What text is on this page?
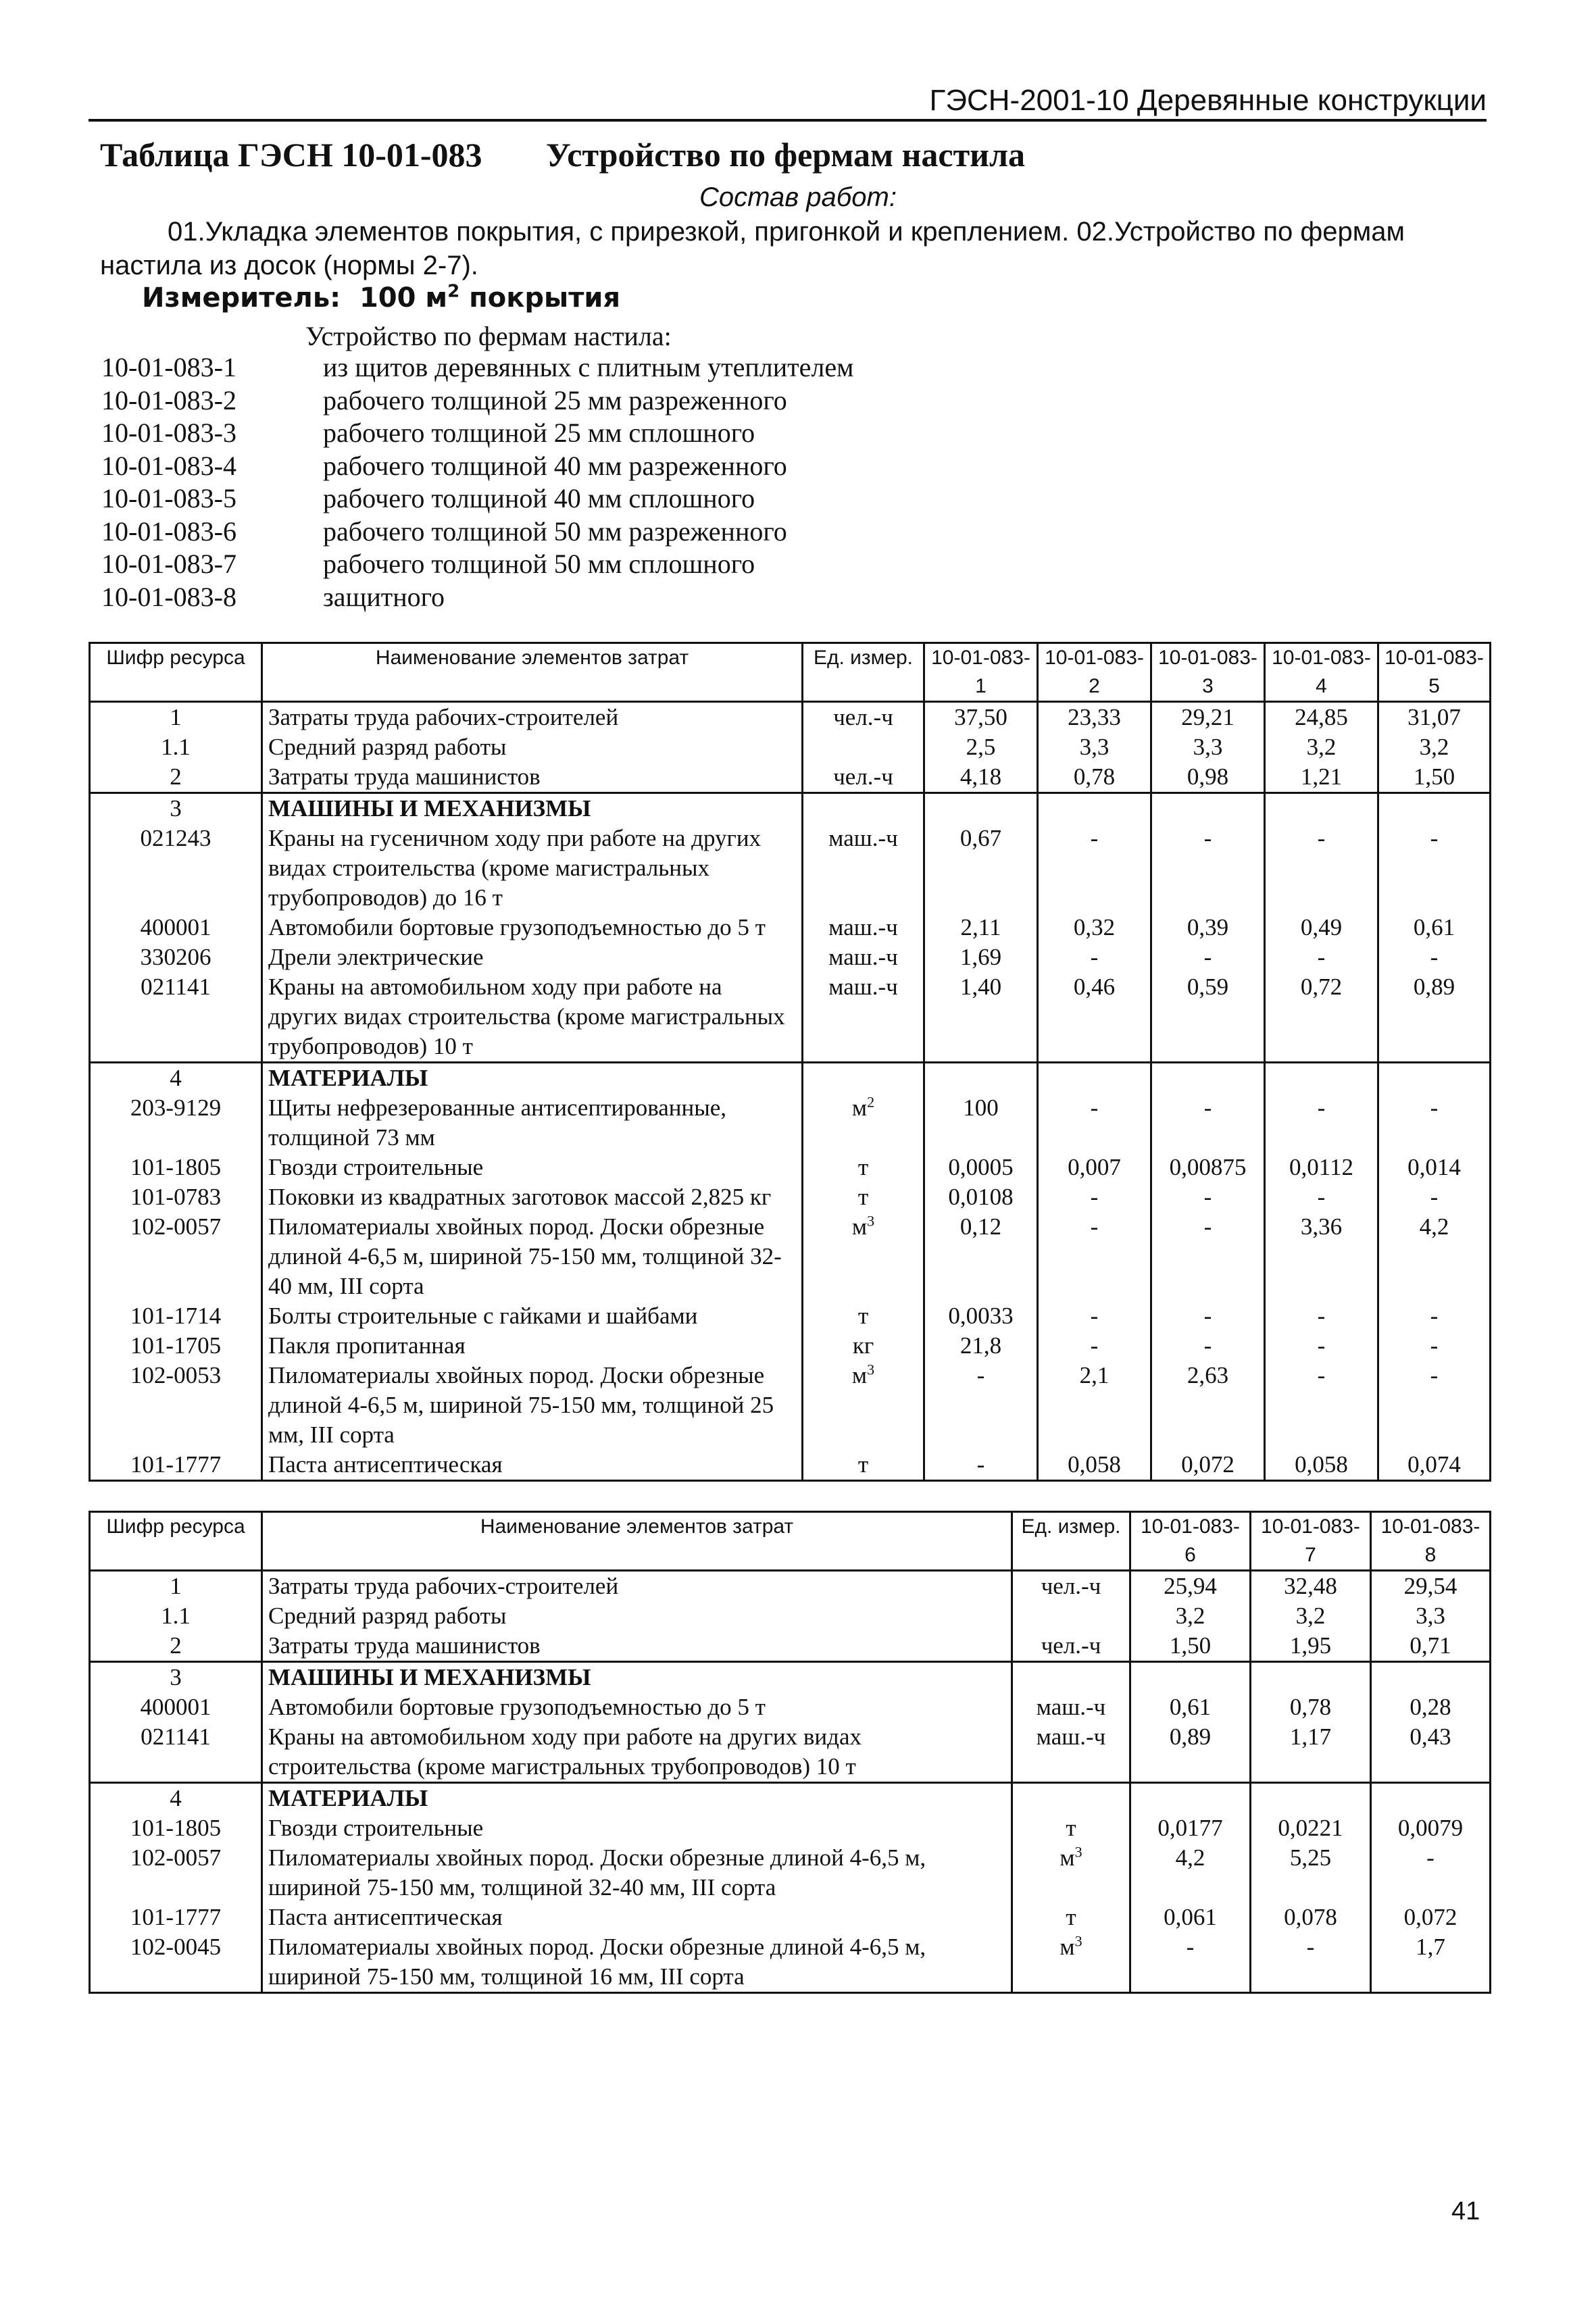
ГЭСН-2001-10 Деревянные конструкции
Таблица ГЭСН 10-01-083 Устройство по фермам настила
Состав работ:
01.Укладка элементов покрытия, с прирезкой, пригонкой и креплением. 02.Устройство по фермам настила из досок (нормы 2-7).
Измеритель: 100 $м^2$ покрытия
Устройство по фермам настила:
10-01-083-1	из щитов деревянных с плитным утеплителем
10-01-083-2	рабочего толщиной 25 мм разреженного
10-01-083-3	рабочего толщиной 25 мм сплошного
10-01-083-4	рабочего толщиной 40 мм разреженного
10-01-083-5	рабочего толщиной 40 мм сплошного
10-01-083-6	рабочего толщиной 50 мм разреженного
10-01-083-7	рабочего толщиной 50 мм сплошного
10-01-083-8	защитного
Шифр ресурса	Наименование элементов затрат	Ед. измер.	10-01-083-1	10-01-083-2	10-01-083-3	10-01-083-4	10-01-083-5
1	Затраты труда рабочих-строителей	чел.-ч	37,50	23,33	29,21	24,85	31,07
1.1	Средний разряд работы		2,5	3,3	3,3	3,2	3,2
2	Затраты труда машинистов	чел.-ч	4,18	0,78	0,98	1,21	1,50
3	МАШИНЫ И МЕХАНИЗМЫ						
021243	Краны на гусеничном ходу при работе на других видах строительства (кроме магистральных трубопроводов) до 16 т	маш.-ч	0,67	-	-	-	-
400001	Автомобили бортовые грузоподъемностью до 5 т	маш.-ч	2,11	0,32	0,39	0,49	0,61
330206	Дрели электрические	маш.-ч	1,69	-	-	-	-
021141	Краны на автомобильном ходу при работе на других видах строительства (кроме магистральных трубопроводов) 10 т	маш.-ч	1,40	0,46	0,59	0,72	0,89
4	МАТЕРИАЛЫ						
203-9129	Щиты нефрезерованные антисептированные, толщиной 73 мм	$м^2$	100	-	-	-	-
101-1805	Гвозди строительные	т	0,0005	0,007	0,00875	0,0112	0,014
101-0783	Поковки из квадратных заготовок массой 2,825 кг	т	0,0108	-	-	-	-
102-0057	Пиломатериалы хвойных пород. Доски обрезные длиной 4-6,5 м, шириной 75-150 мм, толщиной 32-40 мм, III сорта	$м^3$	0,12	-	-	3,36	4,2
101-1714	Болты строительные с гайками и шайбами	т	0,0033	-	-	-	-
101-1705	Пакля пропитанная	кг	21,8	-	-	-	-
102-0053	Пиломатериалы хвойных пород. Доски обрезные длиной 4-6,5 м, шириной 75-150 мм, толщиной 25 мм, III сорта	$м^3$	-	2,1	2,63	-	-
101-1777	Паста антисептическая	т	-	0,058	0,072	0,058	0,074
Шифр ресурса	Наименование элементов затрат	Ед. измер.	10-01-083-6	10-01-083-7	10-01-083-8
1	Затраты труда рабочих-строителей	чел.-ч	25,94	32,48	29,54
1.1	Средний разряд работы		3,2	3,2	3,3
2	Затраты труда машинистов	чел.-ч	1,50	1,95	0,71
3	МАШИНЫ И МЕХАНИЗМЫ				
400001	Автомобили бортовые грузоподъемностью до 5 т	маш.-ч	0,61	0,78	0,28
021141	Краны на автомобильном ходу при работе на других видах строительства (кроме магистральных трубопроводов) 10 т	маш.-ч	0,89	1,17	0,43
4	МАТЕРИАЛЫ				
101-1805	Гвозди строительные	т	0,0177	0,0221	0,0079
102-0057	Пиломатериалы хвойных пород. Доски обрезные длиной 4-6,5 м, шириной 75-150 мм, толщиной 32-40 мм, III сорта	$м^3$	4,2	5,25	-
101-1777	Паста антисептическая	т	0,061	0,078	0,072
102-0045	Пиломатериалы хвойных пород. Доски обрезные длиной 4-6,5 м, шириной 75-150 мм, толщиной 16 мм, III сорта	$м^3$	-	-	1,7
41
